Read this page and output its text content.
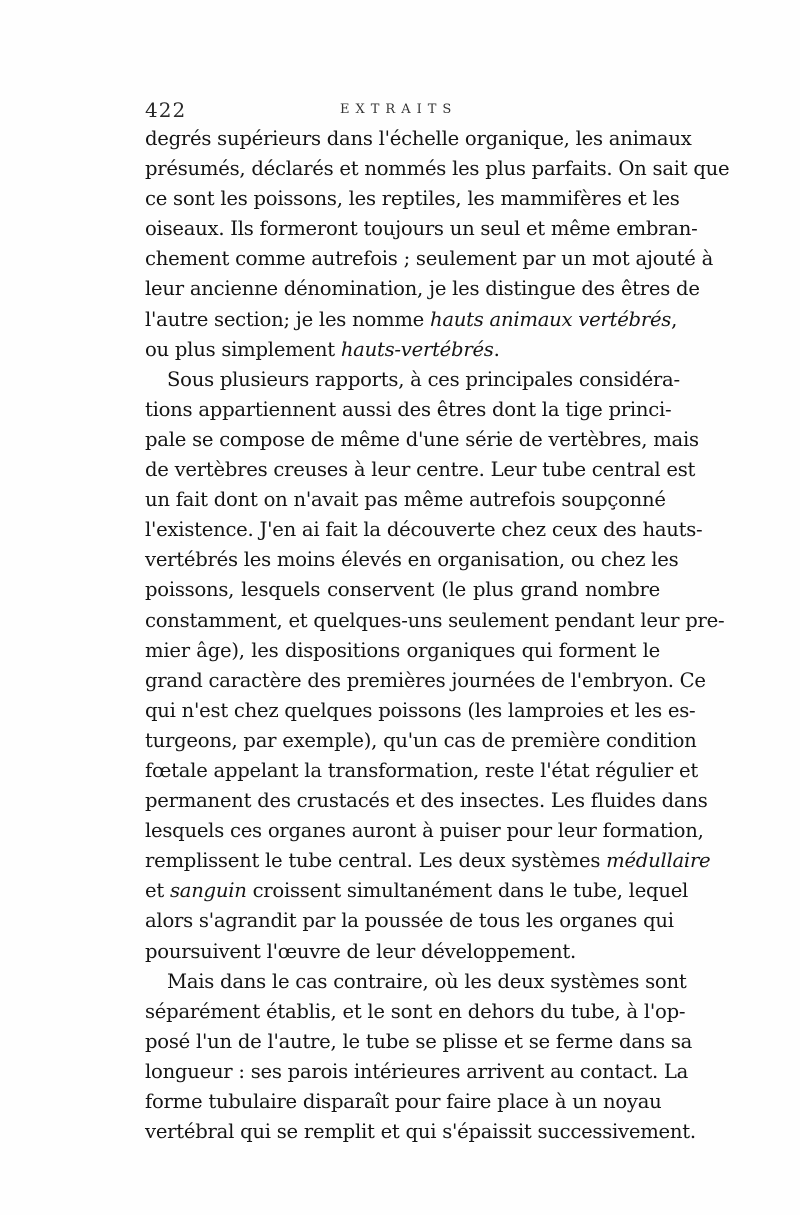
422	EXTRAITS
degrés supérieurs dans l'échelle organique, les animaux
présumés, déclarés et nommés les plus parfaits. On sait que
ce sont les poissons, les reptiles, les mammifères et les
oiseaux. Ils formeront toujours un seul et même embran-
chement comme autrefois ; seulement par un mot ajouté à
leur ancienne dénomination, je les distingue des êtres de
l'autre section; je les nomme hauts animaux vertébrés,
ou plus simplement hauts-vertébrés.
Sous plusieurs rapports, à ces principales considéra-
tions appartiennent aussi des êtres dont la tige princi-
pale se compose de même d'une série de vertèbres, mais
de vertèbres creuses à leur centre. Leur tube central est
un fait dont on n'avait pas même autrefois soupçonné
l'existence. J'en ai fait la découverte chez ceux des hauts-
vertébrés les moins élevés en organisation, ou chez les
poissons, lesquels conservent (le plus grand nombre
constamment, et quelques-uns seulement pendant leur pre-
mier âge), les dispositions organiques qui forment le
grand caractère des premières journées de l'embryon. Ce
qui n'est chez quelques poissons (les lamproies et les es-
turgeons, par exemple), qu'un cas de première condition
fœtale appelant la transformation, reste l'état régulier et
permanent des crustacés et des insectes. Les fluides dans
lesquels ces organes auront à puiser pour leur formation,
remplissent le tube central. Les deux systèmes médullaire
et sanguin croissent simultanément dans le tube, lequel
alors s'agrandit par la poussée de tous les organes qui
poursuivent l'œuvre de leur développement.
Mais dans le cas contraire, où les deux systèmes sont
séparément établis, et le sont en dehors du tube, à l'op-
posé l'un de l'autre, le tube se plisse et se ferme dans sa
longueur : ses parois intérieures arrivent au contact. La
forme tubulaire disparaît pour faire place à un noyau
vertébral qui se remplit et qui s'épaissit successivement.
